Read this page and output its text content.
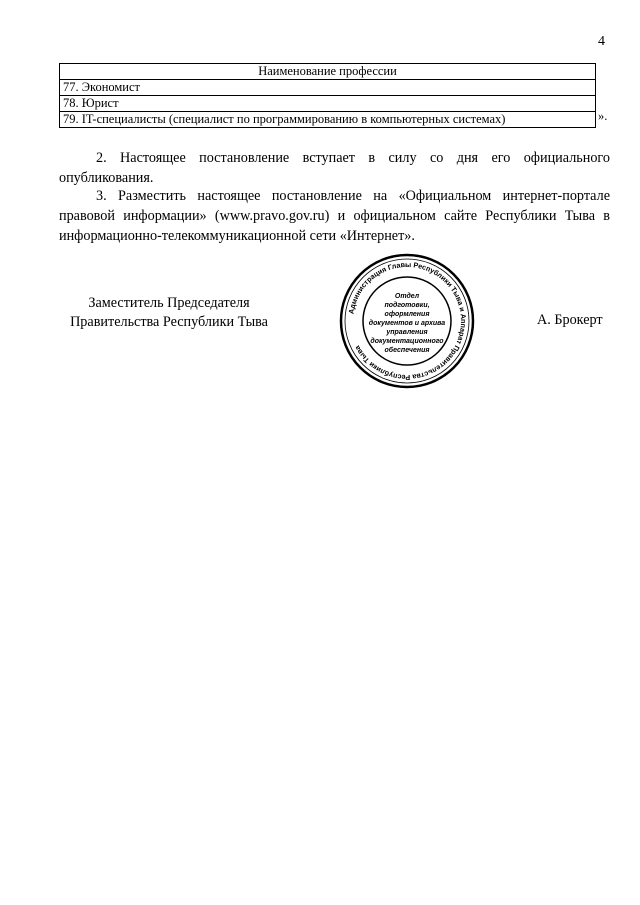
4
Наименование профессии
77. Экономист
78. Юрист
79. IT-специалисты (специалист по программированию в компьютерных системах)	».

2. Настоящее постановление вступает в силу со дня его официального опубликования.

3. Разместить настоящее постановление на «Официальном интернет-портале правовой информации» (www.pravo.gov.ru) и официальном сайте Республики Тыва в информационно-телекоммуникационной сети «Интернет».

Заместитель Председателя
Правительства Республики Тыва
Администрация Главы Республики Тыва и Аппарат Правительства Республики Тыва
Отдел
подготовки,
оформления
документов и архива
управления
документационного
обеспечения
А. Брокерт
